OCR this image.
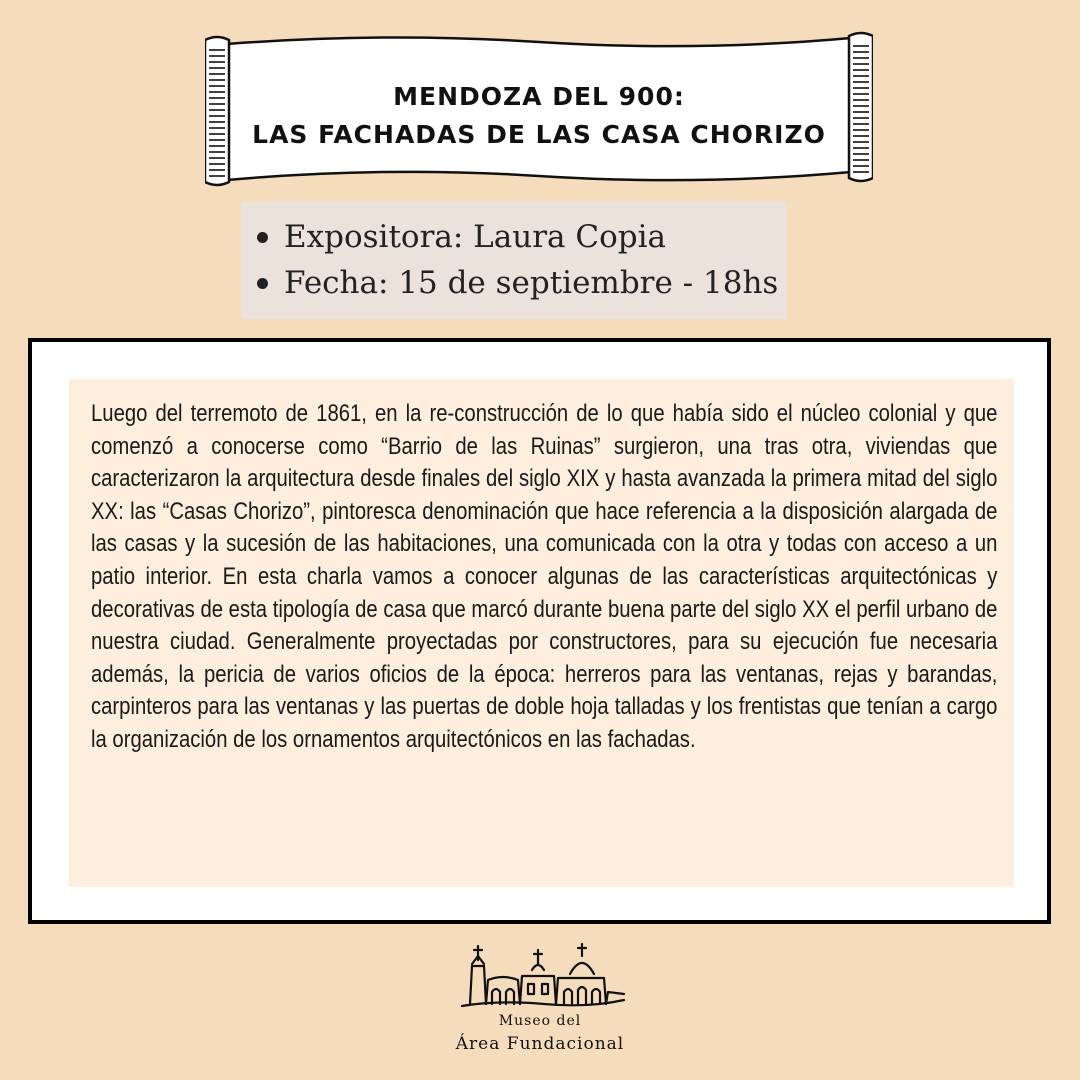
MENDOZA DEL 900:
LAS FACHADAS DE LAS CASA CHORIZO
Expositora: Laura Copia
Fecha: 15 de septiembre - 18hs

Luego del terremoto de 1861, en la re-construcción de lo que había sido el núcleo colonial y que comenzó a conocerse como “Barrio de las Ruinas” surgieron, una tras otra, viviendas que caracterizaron la arquitectura desde finales del siglo XIX y hasta avanzada la primera mitad del siglo XX: las “Casas Chorizo”, pintoresca denominación que hace referencia a la disposición alargada de las casas y la sucesión de las habitaciones, una comunicada con la otra y todas con acceso a un patio interior. En esta charla vamos a conocer algunas de las características arquitectónicas y decorativas de esta tipología de casa que marcó durante buena parte del siglo XX el perfil urbano de nuestra ciudad. Generalmente proyectadas por constructores, para su ejecución fue necesaria además, la pericia de varios oficios de la época: herreros para las ventanas, rejas y barandas, carpinteros para las ventanas y las puertas de doble hoja talladas y los frentistas que tenían a cargo la organización de los ornamentos arquitectónicos en las fachadas.

Museo del
Área Fundacional
